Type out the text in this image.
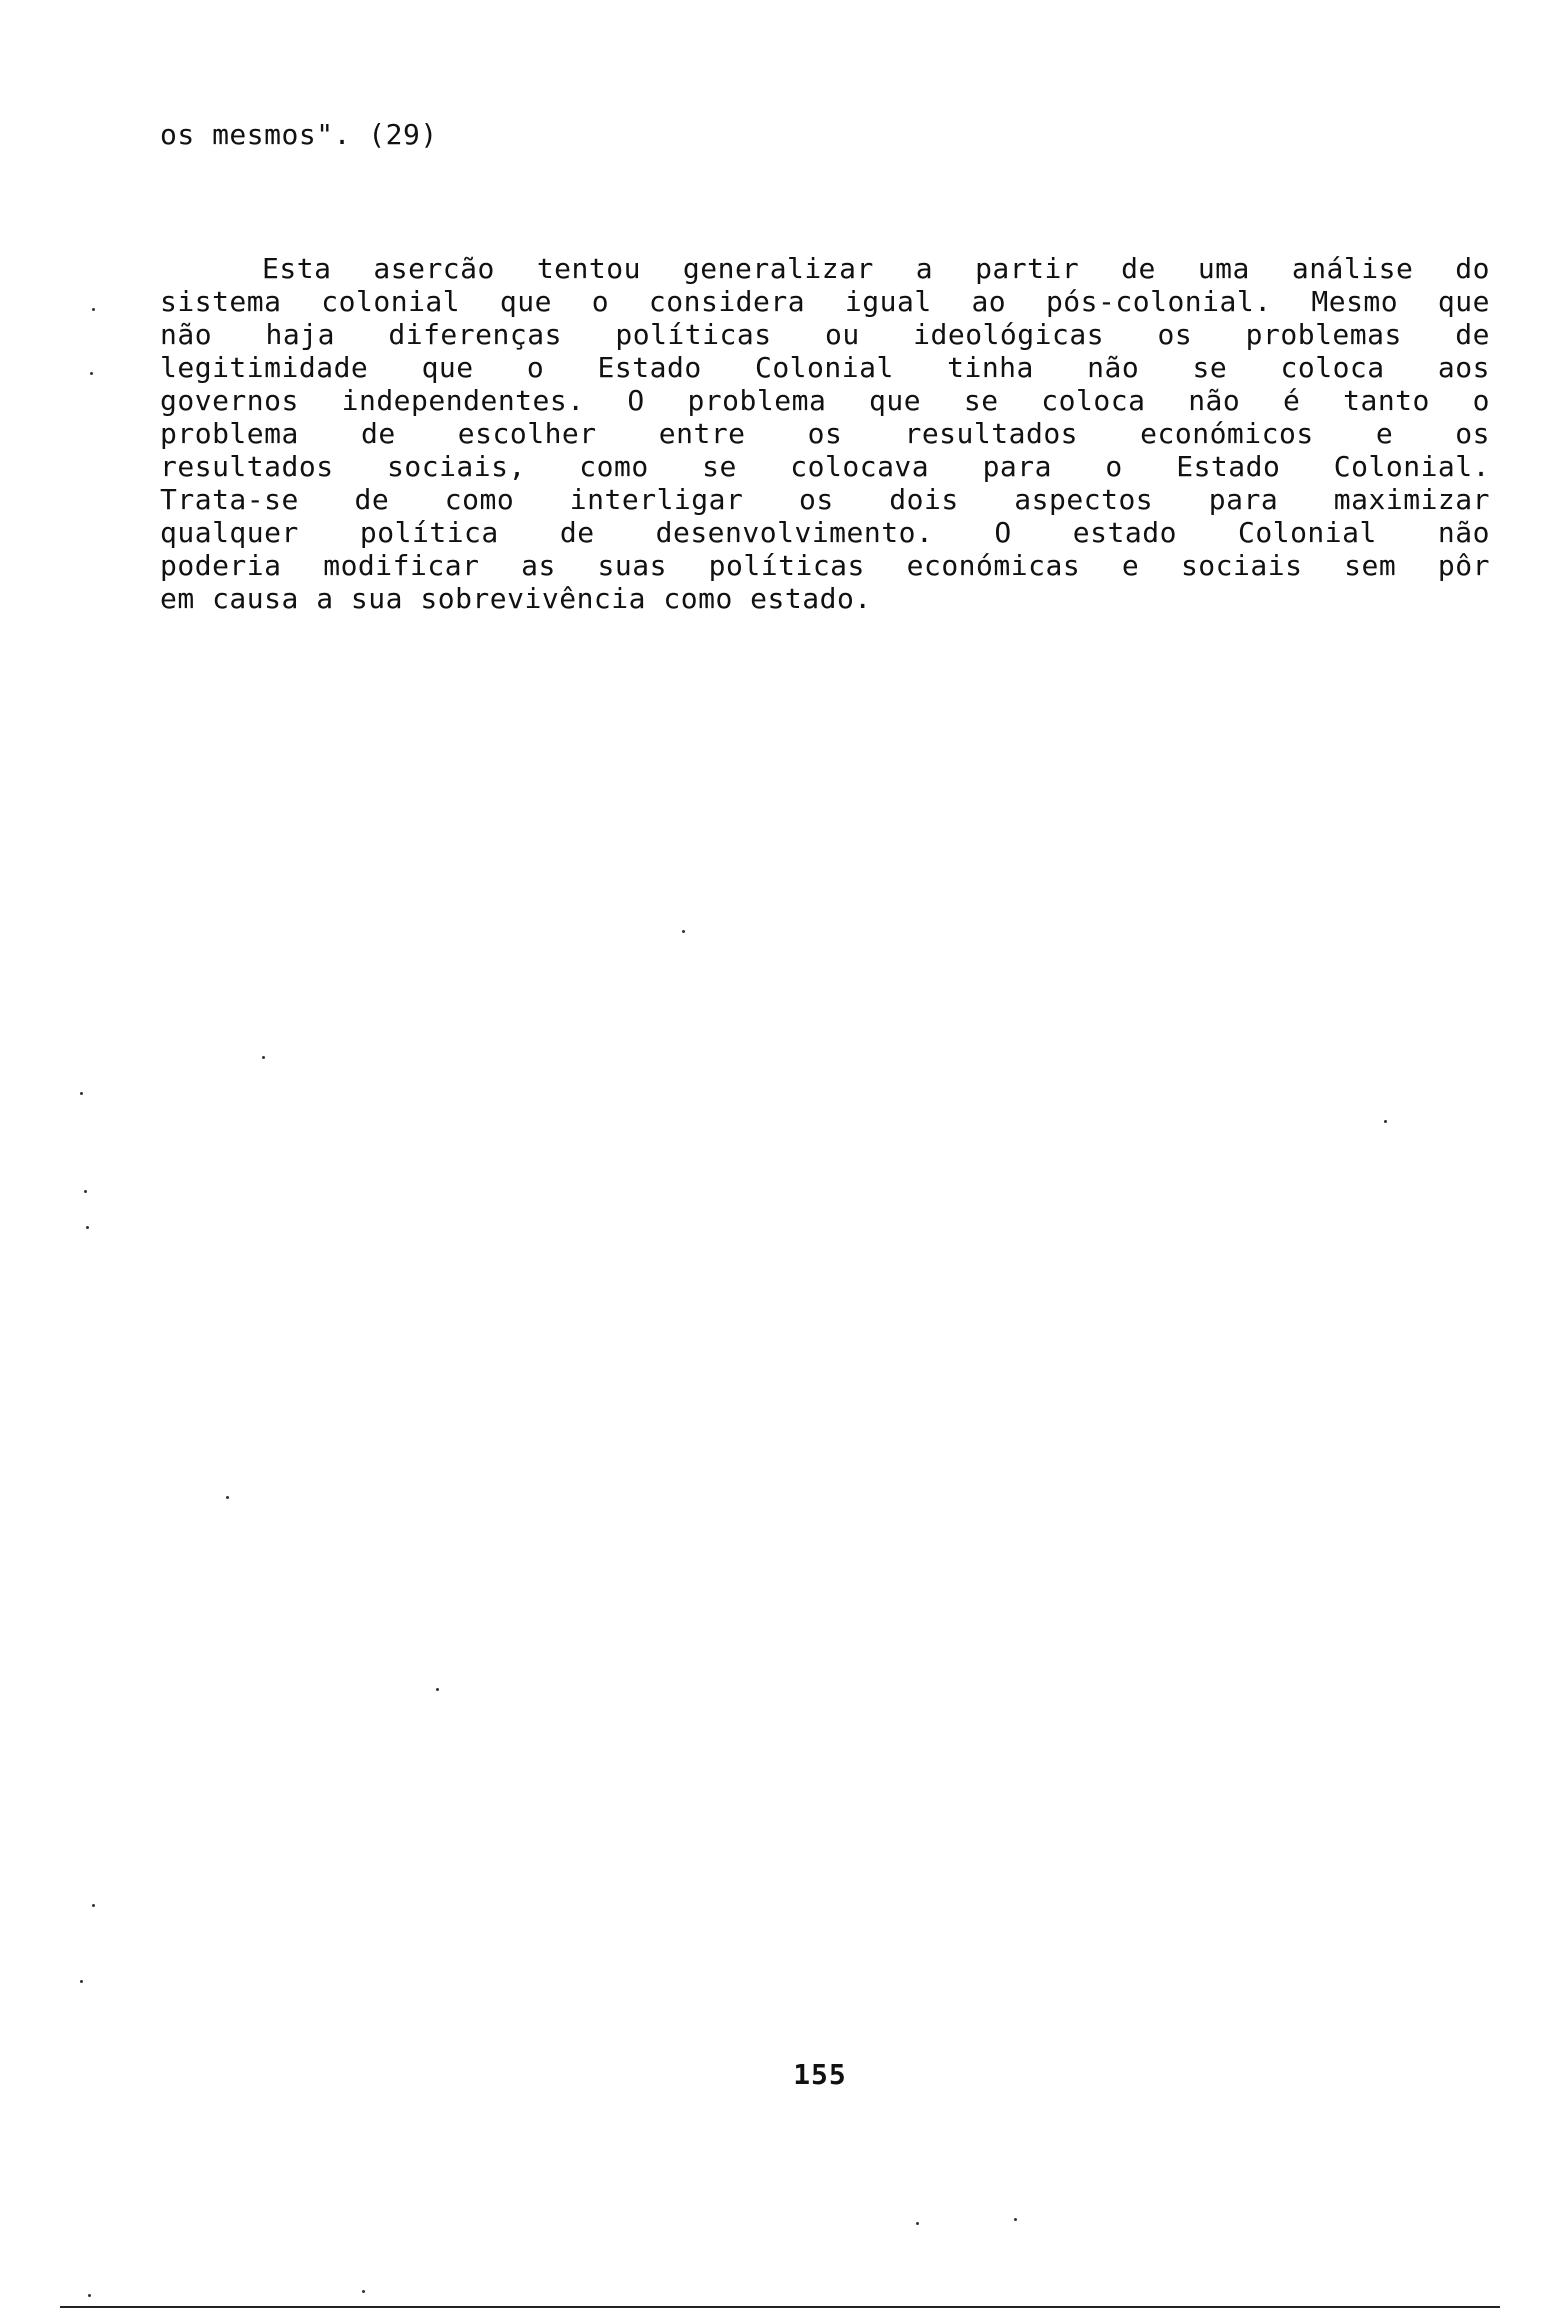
os mesmos". (29)
Esta asercão tentou generalizar a partir de uma análise do
sistema colonial que o considera igual ao pós-colonial. Mesmo que
não haja diferenças políticas ou ideológicas os problemas de
legitimidade que o Estado Colonial tinha não se coloca aos
governos independentes. O problema que se coloca não é tanto o
problema de escolher entre os resultados económicos e os
resultados sociais, como se colocava para o Estado Colonial.
Trata-se de como interligar os dois aspectos para maximizar
qualquer política de desenvolvimento. O estado Colonial não
poderia modificar as suas políticas económicas e sociais sem pôr
em causa a sua sobrevivência como estado.
155
